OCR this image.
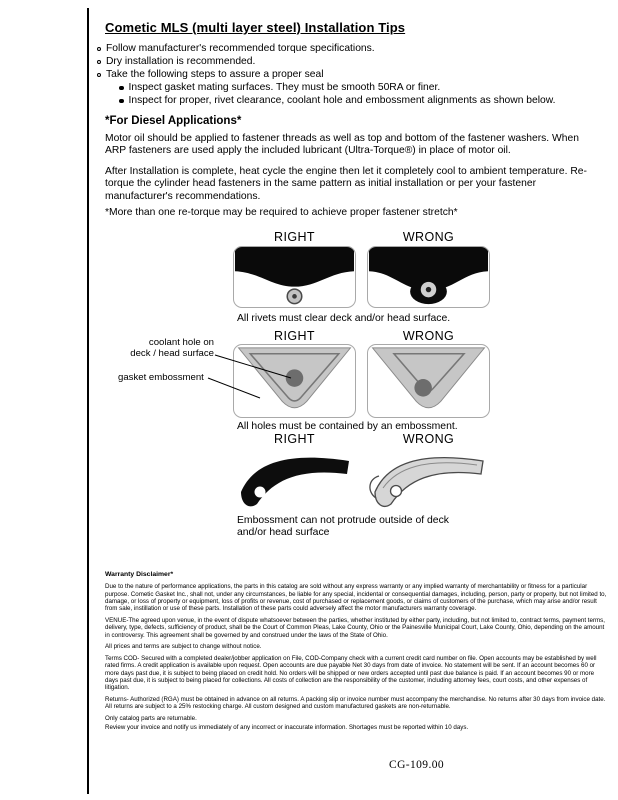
Cometic MLS (multi layer steel) Installation Tips
Follow manufacturer's recommended torque specifications.
Dry installation is recommended.
Take the following steps to assure a proper seal
Inspect gasket mating surfaces. They must be smooth 50RA or finer.
Inspect for proper, rivet clearance, coolant hole and embossment alignments as shown below.
*For Diesel Applications*
Motor oil should be applied to fastener threads as well as top and bottom of the fastener washers. When ARP fasteners are used apply the included lubricant (Ultra-Torque®) in place of motor oil.
After Installation is complete, heat cycle the engine then let it completely cool to ambient temperature. Re-torque the cylinder head fasteners in the same pattern as initial installation or per your fastener manufacturer's recommendations.
*More than one re-torque may be required to achieve proper fastener stretch*
RIGHT	WRONG
All rivets must clear deck and/or head surface.
RIGHT	WRONG
coolant hole on
deck / head surface
gasket embossment
All holes must be contained by an embossment.
RIGHT	WRONG
Embossment can not protrude outside of deck and/or head surface
Warranty Disclaimer*

Due to the nature of performance applications, the parts in this catalog are sold without any express warranty or any implied warranty of merchantability or fitness for a particular purpose. Cometic Gasket Inc., shall not, under any circumstances, be liable for any special, incidental or consequential damages, including, person, party or property, but not limited to, damage, or loss of property or equipment, loss of profits or revenue, cost of purchased or replacement goods, or claims of customers of the purchase, which may arise and/or result from sale, instillation or use of these parts. Installation of these parts could adversely affect the motor manufacturers warranty coverage.

VENUE-The agreed upon venue, in the event of dispute whatsoever between the parties, whether instituted by either party, including, but not limited to, contract terms, payment terms, delivery, type, defects, sufficiency of product, shall be the Court of Common Pleas, Lake County, Ohio or the Painesville Municipal Court, Lake County, Ohio, depending on the amount in controversy. This agreement shall be governed by and construed under the laws of the State of Ohio.

All prices and terms are subject to change without notice.

Terms COD- Secured with a completed dealer/jobber application on File, COD-Company check with a current credit card number on file. Open accounts may be established by well rated firms. A credit application is available upon request. Open accounts are due payable Net 30 days from date of invoice. No statement will be sent. If an account becomes 60 or more days past due, it is subject to being placed on credit hold. No orders will be shipped or new orders accepted until past due balance is paid. If an account becomes 90 or more days past due, it is subject to being placed for collections. All costs of collection are the responsibility of the customer, including attorney fees, court costs, and other expenses of litigation.

Returns- Authorized (RGA) must be obtained in advance on all returns. A packing slip or invoice number must accompany the merchandise. No returns after 30 days from invoice date. All returns are subject to a 25% restocking charge. All custom designed and custom manufactured gaskets are non-returnable.

Only catalog parts are returnable.

Review your invoice and notify us immediately of any incorrect or inaccurate information. Shortages must be reported within 10 days.

CG-109.00
